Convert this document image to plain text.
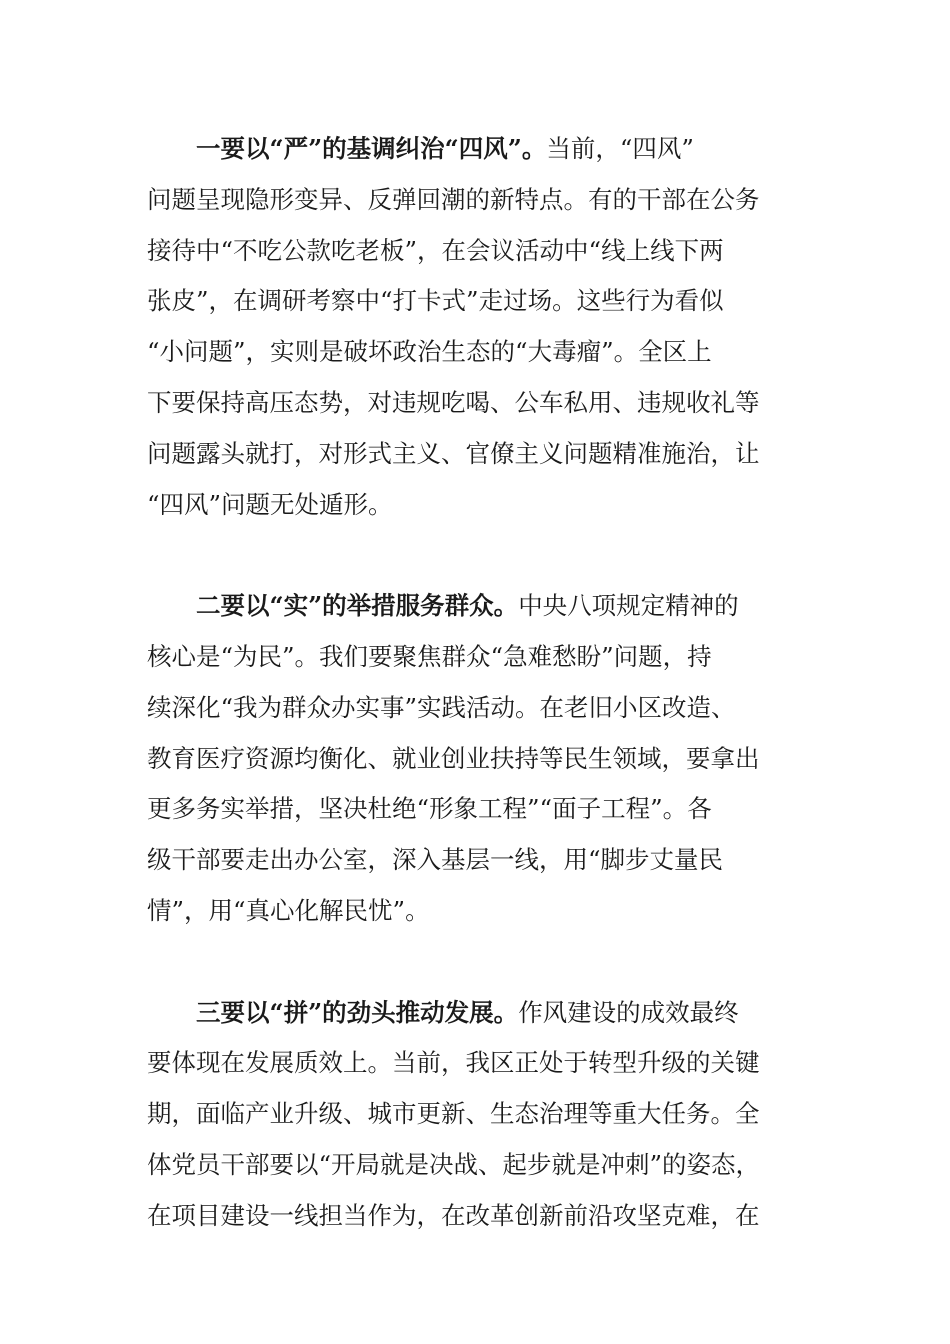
一要以“严”的基调纠治“四风”。当前，“四风”
问题呈现隐形变异、反弹回潮的新特点。有的干部在公务
接待中“不吃公款吃老板”，在会议活动中“线上线下两
张皮”，在调研考察中“打卡式”走过场。这些行为看似
“小问题”，实则是破坏政治生态的“大毒瘤”。全区上
下要保持高压态势，对违规吃喝、公车私用、违规收礼等
问题露头就打，对形式主义、官僚主义问题精准施治，让
“四风”问题无处遁形。
二要以“实”的举措服务群众。中央八项规定精神的
核心是“为民”。我们要聚焦群众“急难愁盼”问题，持
续深化“我为群众办实事”实践活动。在老旧小区改造、
教育医疗资源均衡化、就业创业扶持等民生领域，要拿出
更多务实举措，坚决杜绝“形象工程”“面子工程”。各
级干部要走出办公室，深入基层一线，用“脚步丈量民
情”，用“真心化解民忧”。
三要以“拼”的劲头推动发展。作风建设的成效最终
要体现在发展质效上。当前，我区正处于转型升级的关键
期，面临产业升级、城市更新、生态治理等重大任务。全
体党员干部要以“开局就是决战、起步就是冲刺”的姿态，
在项目建设一线担当作为，在改革创新前沿攻坚克难，在
